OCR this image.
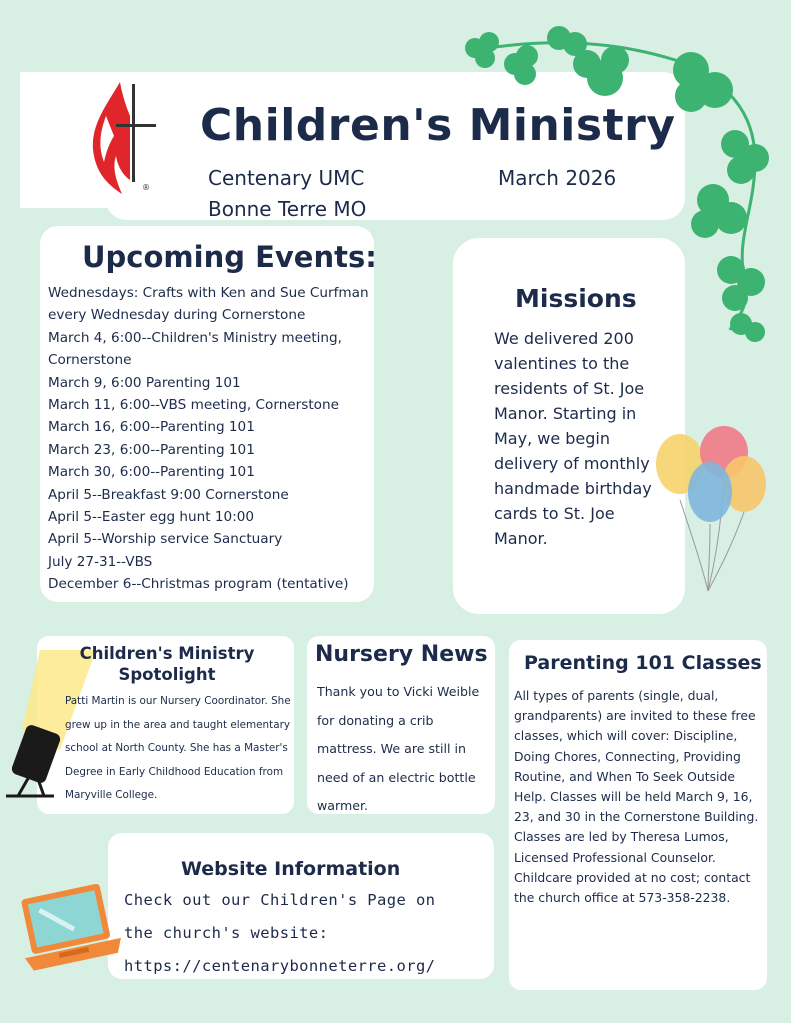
®
Children's Ministry
Centenary UMC
Bonne Terre MO
March 2026
Upcoming Events:
Wednesdays: Crafts with Ken and Sue Curfman
every Wednesday during Cornerstone
March 4, 6:00--Children's Ministry meeting,
Cornerstone
March 9, 6:00 Parenting 101
March 11, 6:00--VBS meeting, Cornerstone
March 16, 6:00--Parenting 101
March 23, 6:00--Parenting 101
March 30, 6:00--Parenting 101
April 5--Breakfast 9:00 Cornerstone
April 5--Easter egg hunt 10:00
April 5--Worship service Sanctuary
July 27-31--VBS
December 6--Christmas program (tentative)
Missions
We delivered 200 valentines to the residents of St. Joe Manor. Starting in May, we begin delivery of monthly handmade birthday cards to St. Joe Manor.
Children's Ministry Spotolight
Patti Martin is our Nursery Coordinator. She grew up in the area and taught elementary school at North County. She has a Master's Degree in Early Childhood Education from Maryville College.
Nursery News
Thank you to Vicki Weible for donating a crib mattress. We are still in need of an electric bottle warmer.
Parenting 101 Classes
All types of parents (single, dual, grandparents) are invited to these free classes, which will cover: Discipline, Doing Chores, Connecting, Providing Routine, and When To Seek Outside Help. Classes will be held March 9, 16, 23, and 30 in the Cornerstone Building. Classes are led by Theresa Lumos, Licensed Professional Counselor. Childcare provided at no cost; contact the church office at 573-358-2238.
Website Information
Check out our Children's Page on
the church's website:
https://centenarybonneterre.org/
